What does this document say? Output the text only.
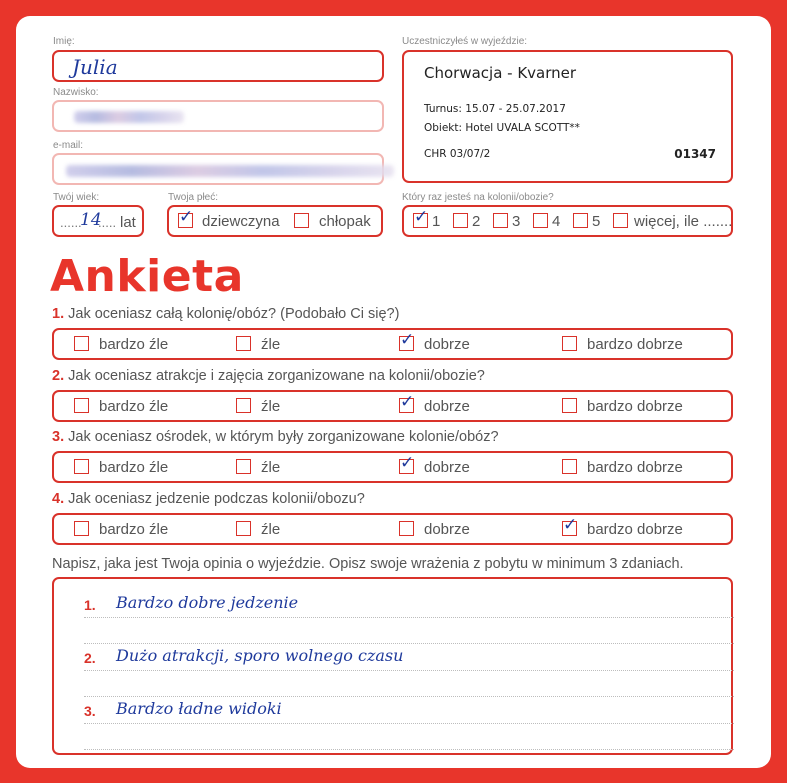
Imię:
Julia
Nazwisko:
e-mail:
Twój wiek:
......
14
..... lat
Twoja płeć:
✓ dziewczyna	chłopak
Uczestniczyłeś w wyjeździe:
Chorwacja - Kvarner
Turnus: 15.07 - 25.07.2017
Obiekt: Hotel UVALA SCOTT**
CHR 03/07/2	01347
Który raz jesteś na kolonii/obozie?
✓ 1 2 3 4 5 więcej, ile .......
Ankieta
1. Jak oceniasz całą kolonię/obóz? (Podobało Ci się?)
bardzo źle	źle	✓ dobrze	bardzo dobrze
2. Jak oceniasz atrakcje i zajęcia zorganizowane na kolonii/obozie?
bardzo źle	źle	✓ dobrze	bardzo dobrze
3. Jak oceniasz ośrodek, w którym były zorganizowane kolonie/obóz?
bardzo źle	źle	✓ dobrze	bardzo dobrze
4. Jak oceniasz jedzenie podczas kolonii/obozu?
bardzo źle	źle	dobrze	✓ bardzo dobrze
Napisz, jaka jest Twoja opinia o wyjeździe. Opisz swoje wrażenia z pobytu w minimum 3 zdaniach.
1. Bardzo dobre jedzenie
2. Dużo atrakcji, sporo wolnego czasu
3. Bardzo ładne widoki
